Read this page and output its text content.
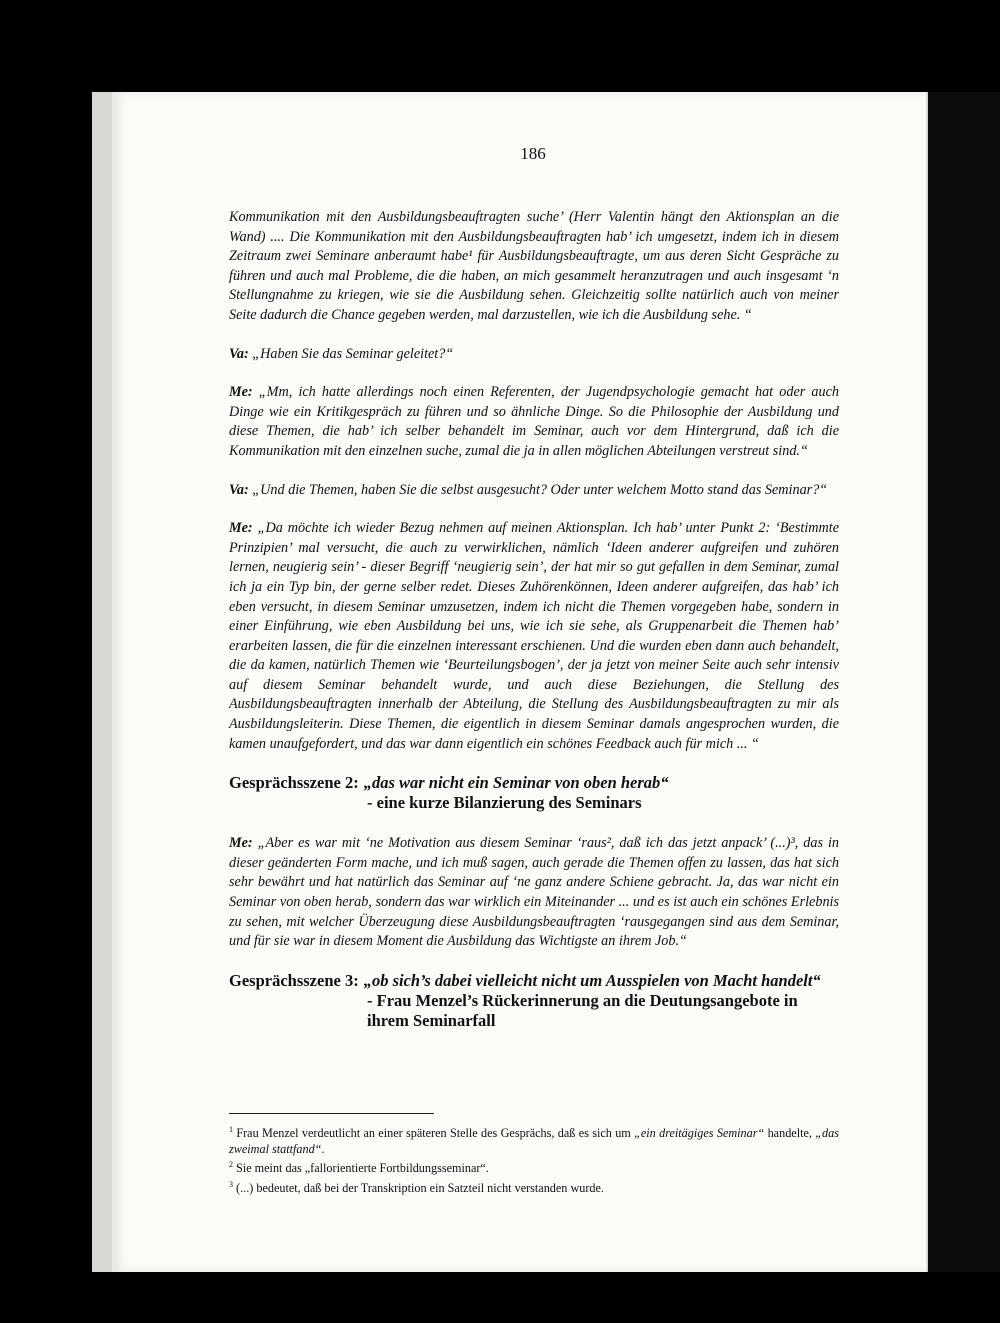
186

Kommunikation mit den Ausbildungsbeauftragten suche’ (Herr Valentin hängt den Aktionsplan an die Wand) .... Die Kommunikation mit den Ausbildungsbeauftragten hab’ ich umgesetzt, indem ich in diesem Zeitraum zwei Seminare anberaumt habe¹ für Ausbildungsbeauftragte, um aus deren Sicht Gespräche zu führen und auch mal Probleme, die die haben, an mich gesammelt heranzutragen und auch insgesamt ‘n Stellungnahme zu kriegen, wie sie die Ausbildung sehen. Gleichzeitig sollte natürlich auch von meiner Seite dadurch die Chance gegeben werden, mal darzustellen, wie ich die Ausbildung sehe. “

Va: „Haben Sie das Seminar geleitet?“

Me: „Mm, ich hatte allerdings noch einen Referenten, der Jugendpsychologie gemacht hat oder auch Dinge wie ein Kritikgespräch zu führen und so ähnliche Dinge. So die Philosophie der Ausbildung und diese Themen, die hab’ ich selber behandelt im Seminar, auch vor dem Hintergrund, daß ich die Kommunikation mit den einzelnen suche, zumal die ja in allen möglichen Abteilungen verstreut sind.“

Va: „Und die Themen, haben Sie die selbst ausgesucht? Oder unter welchem Motto stand das Seminar?“

Me: „Da möchte ich wieder Bezug nehmen auf meinen Aktionsplan. Ich hab’ unter Punkt 2: ‘Bestimmte Prinzipien’ mal versucht, die auch zu verwirklichen, nämlich ‘Ideen anderer aufgreifen und zuhören lernen, neugierig sein’ - dieser Begriff ‘neugierig sein’, der hat mir so gut gefallen in dem Seminar, zumal ich ja ein Typ bin, der gerne selber redet. Dieses Zuhörenkönnen, Ideen anderer aufgreifen, das hab’ ich eben versucht, in diesem Seminar umzusetzen, indem ich nicht die Themen vorgegeben habe, sondern in einer Einführung, wie eben Ausbildung bei uns, wie ich sie sehe, als Gruppenarbeit die Themen hab’ erarbeiten lassen, die für die einzelnen interessant erschienen. Und die wurden eben dann auch behandelt, die da kamen, natürlich Themen wie ‘Beurteilungsbogen’, der ja jetzt von meiner Seite auch sehr intensiv auf diesem Seminar behandelt wurde, und auch diese Beziehungen, die Stellung des Ausbildungsbeauftragten innerhalb der Abteilung, die Stellung des Ausbildungsbeauftragten zu mir als Ausbildungsleiterin. Diese Themen, die eigentlich in diesem Seminar damals angesprochen wurden, die kamen unaufgefordert, und das war dann eigentlich ein schönes Feedback auch für mich ... “

Gesprächsszene 2: „das war nicht ein Seminar von oben herab“
- eine kurze Bilanzierung des Seminars

Me: „Aber es war mit ‘ne Motivation aus diesem Seminar ‘raus², daß ich das jetzt anpack’ (...)³, das in dieser geänderten Form mache, und ich muß sagen, auch gerade die Themen offen zu lassen, das hat sich sehr bewährt und hat natürlich das Seminar auf ‘ne ganz andere Schiene gebracht. Ja, das war nicht ein Seminar von oben herab, sondern das war wirklich ein Miteinander ... und es ist auch ein schönes Erlebnis zu sehen, mit welcher Überzeugung diese Ausbildungsbeauftragten ‘rausgegangen sind aus dem Seminar, und für sie war in diesem Moment die Ausbildung das Wichtigste an ihrem Job.“

Gesprächsszene 3: „ob sich’s dabei vielleicht nicht um Ausspielen von Macht handelt“
- Frau Menzel’s Rückerinnerung an die Deutungsangebote in ihrem Seminarfall

$^1$ Frau Menzel verdeutlicht an einer späteren Stelle des Gesprächs, daß es sich um „ein dreitägiges Seminar“ handelte, „das zweimal stattfand“.

$^2$ Sie meint das „fallorientierte Fortbildungsseminar“.

$^3$ (...) bedeutet, daß bei der Transkription ein Satzteil nicht verstanden wurde.
